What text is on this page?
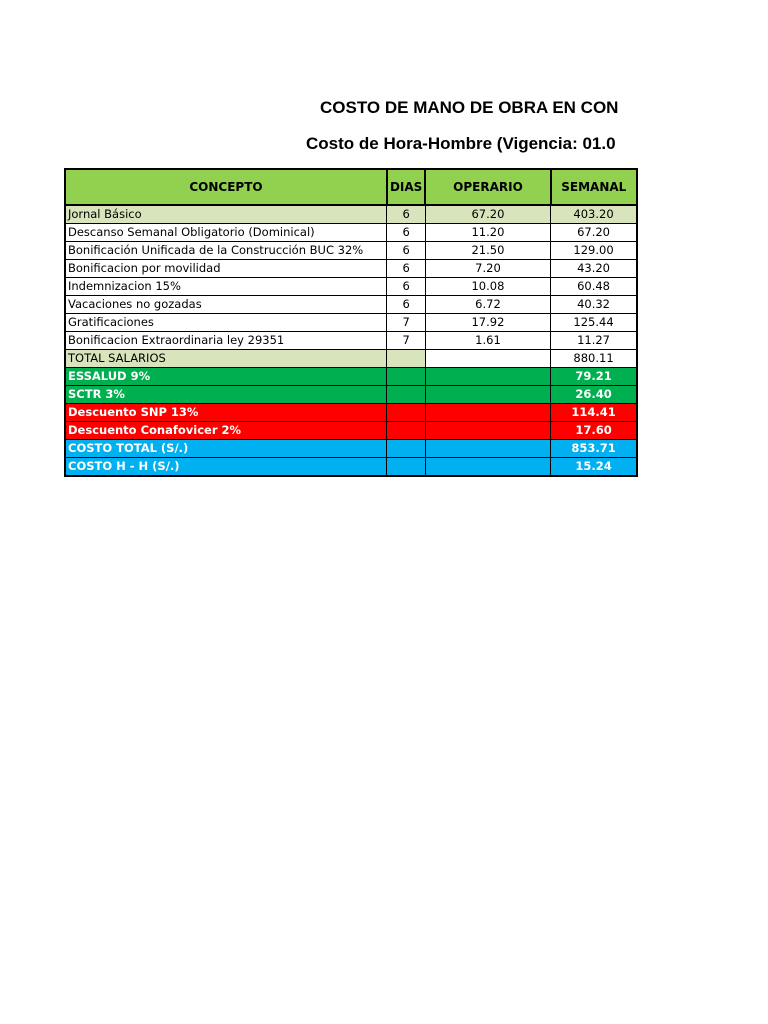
COSTO DE MANO DE OBRA EN CON
Costo de Hora-Hombre (Vigencia: 01.0
CONCEPTO	DIAS	OPERARIO	SEMANAL
Jornal Básico	6	67.20	403.20
Descanso Semanal Obligatorio (Dominical)	6	11.20	67.20
Bonificación Unificada de la Construcción BUC 32%	6	21.50	129.00
Bonificacion por movilidad	6	7.20	43.20
Indemnizacion 15%	6	10.08	60.48
Vacaciones no gozadas	6	6.72	40.32
Gratificaciones	7	17.92	125.44
Bonificacion Extraordinaria ley 29351	7	1.61	11.27
TOTAL SALARIOS			880.11
ESSALUD 9%			79.21
SCTR 3%			26.40
Descuento SNP 13%			114.41
Descuento Conafovicer 2%			17.60
COSTO TOTAL (S/.)			853.71
COSTO H - H (S/.)			15.24
